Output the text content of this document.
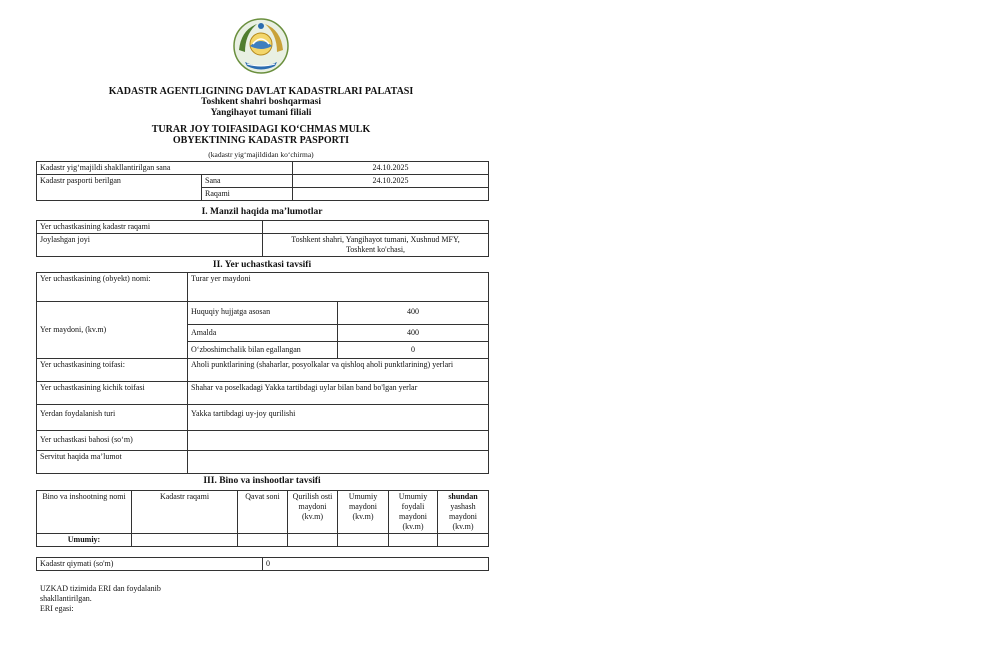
KADASTR AGENTLIGINING DAVLAT KADASTRLARI PALATASI
Toshkent shahri boshqarmasi
Yangihayot tumani filiali
TURAR JOY TOIFASIDAGI KO‘CHMAS MULK
OBYEKTINING KADASTR PASPORTI
(kadastr yig‘majildidan ko‘chirma)
Kadastr yig‘majildi shakllantirilgan sana		24.10.2025
Kadastr pasporti berilgan	Sana	24.10.2025
	Raqami	
I. Manzil haqida ma’lumotlar
Yer uchastkasining kadastr raqami	
Joylashgan joyi	Toshkent shahri, Yangihayot tumani, Xushnud MFY,
Toshkent ko'chasi,
II. Yer uchastkasi tavsifi
Yer uchastkasining (obyekt) nomi:	Turar yer maydoni	
Yer maydoni, (kv.m)	Huquqiy hujjatga asosan	400
	Amalda	400
	O‘zboshimchalik bilan egallangan	0
Yer uchastkasining toifasi:	Aholi punktlarining (shaharlar, posyolkalar va qishloq aholi punktlarining) yerlari	
Yer uchastkasining kichik toifasi	Shahar va poselkadagi Yakka tartibdagi uylar bilan band bo'lgan yerlar	
Yerdan foydalanish turi	Yakka tartibdagi uy-joy qurilishi	
Yer uchastkasi bahosi (so‘m)		
Servitut haqida ma’lumot		
III. Bino va inshootlar tavsifi
Bino va inshootning nomi	Kadastr raqami	Qavat soni	Qurilish osti maydoni (kv.m)	Umumiy maydoni (kv.m)	Umumiy foydali maydoni (kv.m)	shundan
yashash maydoni (kv.m)

Umumiy:						
Kadastr qiymati (so'm)	0
UZKAD tizimida ERI dan foydalanib
shakllantirilgan.
ERI egasi:
